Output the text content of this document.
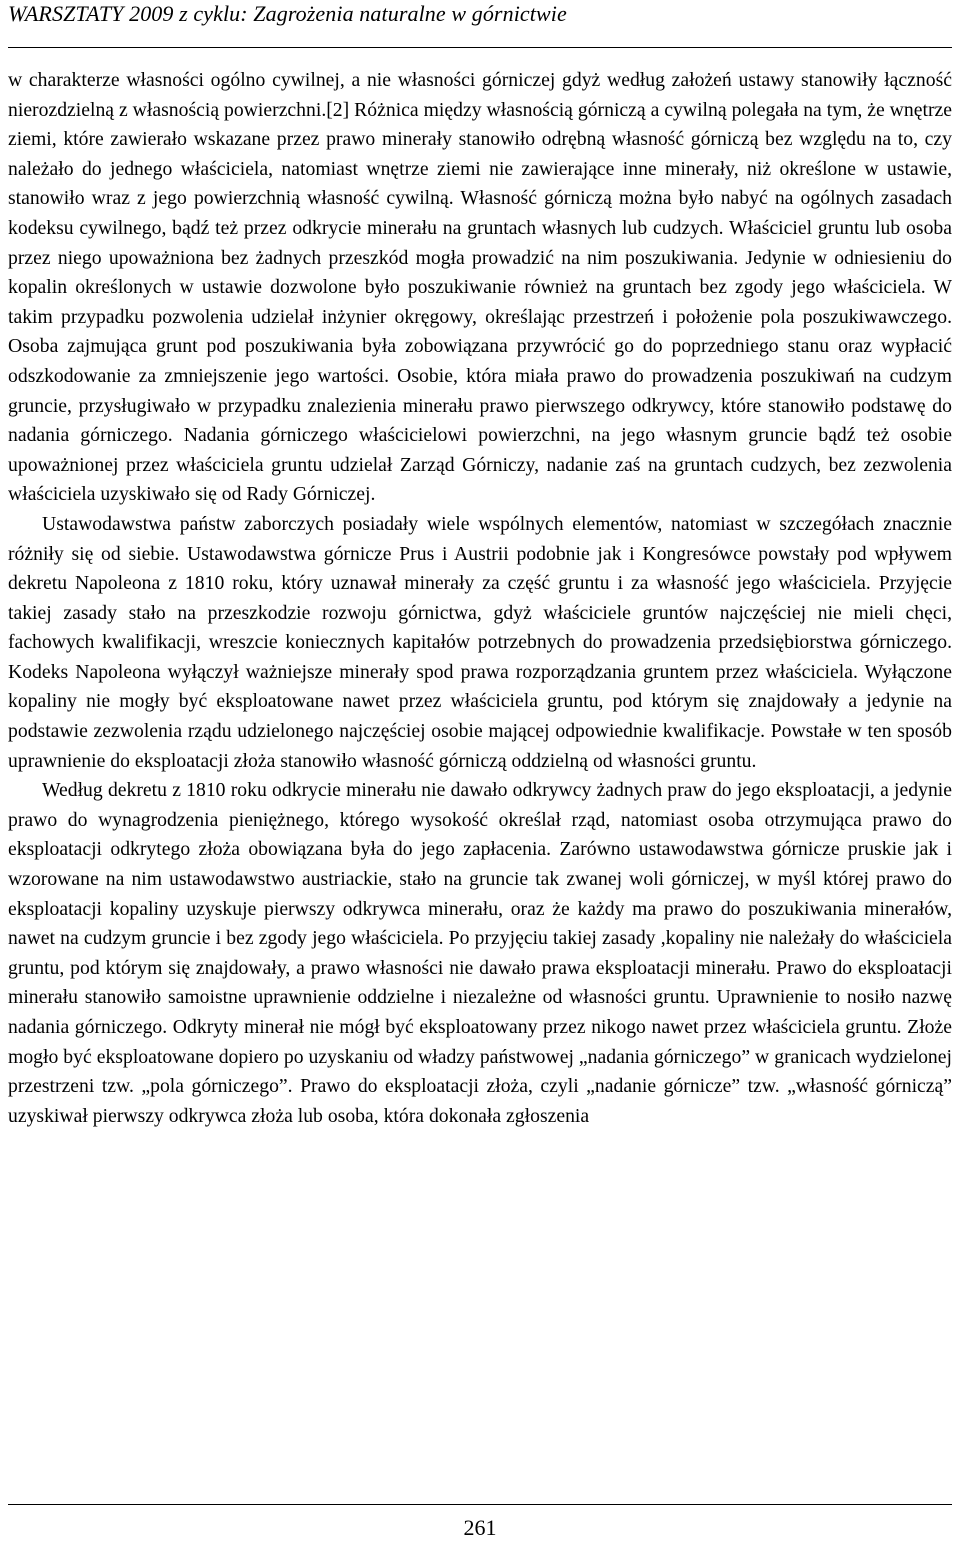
WARSZTATY 2009 z cyklu: Zagrożenia naturalne w górnictwie

w charakterze własności ogólno cywilnej, a nie własności górniczej gdyż według założeń ustawy stanowiły łączność nierozdzielną z własnością powierzchni.[2] Różnica między własnością górniczą a cywilną polegała na tym, że wnętrze ziemi, które zawierało wskazane przez prawo minerały stanowiło odrębną własność górniczą bez względu na to, czy należało do jednego właściciela, natomiast wnętrze ziemi nie zawierające inne minerały, niż określone w ustawie, stanowiło wraz z jego powierzchnią własność cywilną. Własność górniczą można było nabyć na ogólnych zasadach kodeksu cywilnego, bądź też przez odkrycie minerału na gruntach własnych lub cudzych. Właściciel gruntu lub osoba przez niego upoważniona bez żadnych przeszkód mogła prowadzić na nim poszukiwania. Jedynie w odniesieniu do kopalin określonych w ustawie dozwolone było poszukiwanie również na gruntach bez zgody jego właściciela. W takim przypadku pozwolenia udzielał inżynier okręgowy, określając przestrzeń i położenie pola poszukiwawczego. Osoba zajmująca grunt pod poszukiwania była zobowiązana przywrócić go do poprzedniego stanu oraz wypłacić odszkodowanie za zmniejszenie jego wartości. Osobie, która miała prawo do prowadzenia poszukiwań na cudzym gruncie, przysługiwało w przypadku znalezienia minerału prawo pierwszego odkrywcy, które stanowiło podstawę do nadania górniczego. Nadania górniczego właścicielowi powierzchni, na jego własnym gruncie bądź też osobie upoważnionej przez właściciela gruntu udzielał Zarząd Górniczy, nadanie zaś na gruntach cudzych, bez zezwolenia właściciela uzyskiwało się od Rady Górniczej.

Ustawodawstwa państw zaborczych posiadały wiele wspólnych elementów, natomiast w szczegółach znacznie różniły się od siebie. Ustawodawstwa górnicze Prus i Austrii podobnie jak i Kongresówce powstały pod wpływem dekretu Napoleona z 1810 roku, który uznawał minerały za część gruntu i za własność jego właściciela. Przyjęcie takiej zasady stało na przeszkodzie rozwoju górnictwa, gdyż właściciele gruntów najczęściej nie mieli chęci, fachowych kwalifikacji, wreszcie koniecznych kapitałów potrzebnych do prowadzenia przedsiębiorstwa górniczego. Kodeks Napoleona wyłączył ważniejsze minerały spod prawa rozporządzania gruntem przez właściciela. Wyłączone kopaliny nie mogły być eksploatowane nawet przez właściciela gruntu, pod którym się znajdowały a jedynie na podstawie zezwolenia rządu udzielonego najczęściej osobie mającej odpowiednie kwalifikacje. Powstałe w ten sposób uprawnienie do eksploatacji złoża stanowiło własność górniczą oddzielną od własności gruntu.

Według dekretu z 1810 roku odkrycie minerału nie dawało odkrywcy żadnych praw do jego eksploatacji, a jedynie prawo do wynagrodzenia pieniężnego, którego wysokość określał rząd, natomiast osoba otrzymująca prawo do eksploatacji odkrytego złoża obowiązana była do jego zapłacenia. Zarówno ustawodawstwa górnicze pruskie jak i wzorowane na nim ustawodawstwo austriackie, stało na gruncie tak zwanej woli górniczej, w myśl której prawo do eksploatacji kopaliny uzyskuje pierwszy odkrywca minerału, oraz że każdy ma prawo do poszukiwania minerałów, nawet na cudzym gruncie i bez zgody jego właściciela. Po przyjęciu takiej zasady ,kopaliny nie należały do właściciela gruntu, pod którym się znajdowały, a prawo własności nie dawało prawa eksploatacji minerału. Prawo do eksploatacji minerału stanowiło samoistne uprawnienie oddzielne i niezależne od własności gruntu. Uprawnienie to nosiło nazwę nadania górniczego. Odkryty minerał nie mógł być eksploatowany przez nikogo nawet przez właściciela gruntu. Złoże mogło być eksploatowane dopiero po uzyskaniu od władzy państwowej „nadania górniczego” w granicach wydzielonej przestrzeni tzw. „pola górniczego”. Prawo do eksploatacji złoża, czyli „nadanie górnicze” tzw. „własność górniczą” uzyskiwał pierwszy odkrywca złoża lub osoba, która dokonała zgłoszenia

261
